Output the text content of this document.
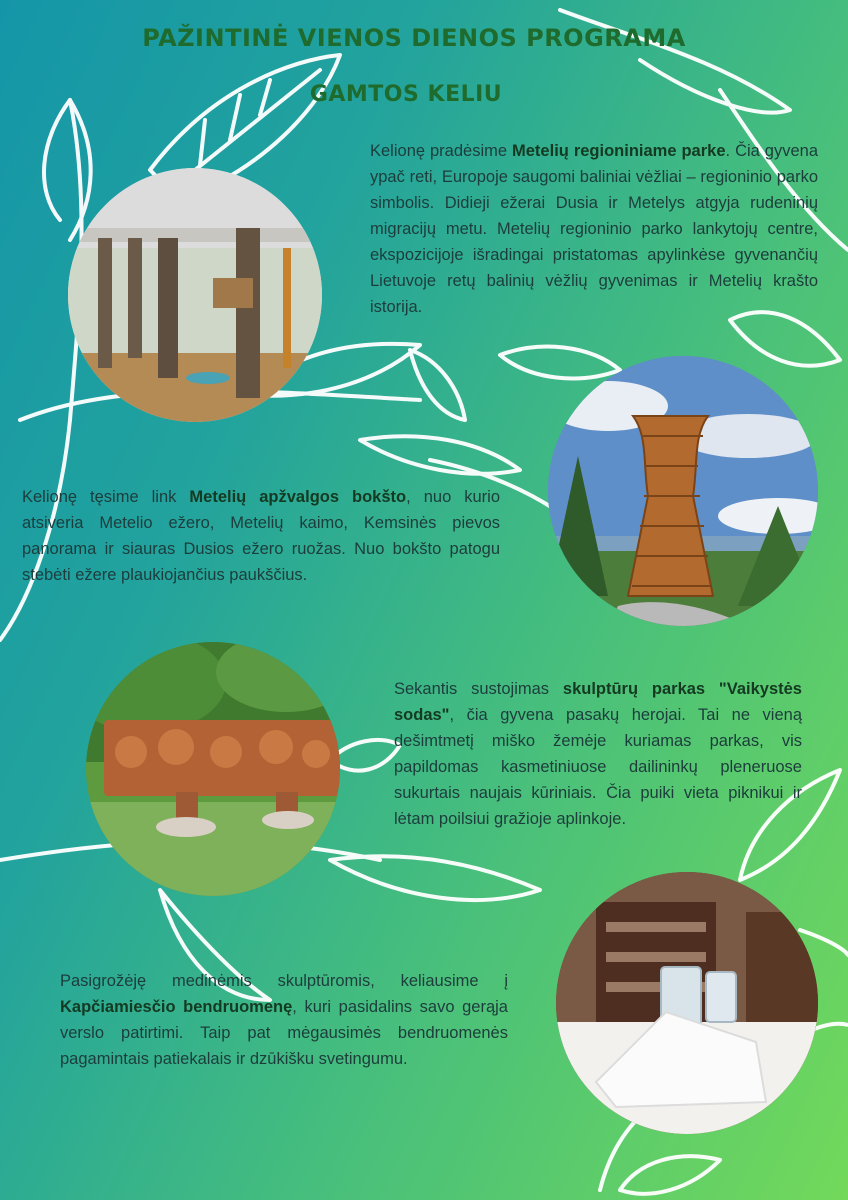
PAŽINTINĖ VIENOS DIENOS PROGRAMA
GAMTOS KELIU

Kelionę pradėsime Metelių regioniniame parke. Čia gyvena ypač reti, Europoje saugomi baliniai vėžliai – regioninio parko simbolis. Didieji ežerai Dusia ir Metelys atgyja rudeninių migracijų metu. Metelių regioninio parko lankytojų centre, ekspozicijoje išradingai pristatomas apylinkėse gyvenančių Lietuvoje retų balinių vėžlių gyvenimas ir Metelių krašto istorija.

Kelionę tęsime link Metelių apžvalgos bokšto, nuo kurio atsiveria Metelio ežero, Metelių kaimo, Kemsinės pievos panorama ir siauras Dusios ežero ruožas. Nuo bokšto patogu stebėti ežere plaukiojančius paukščius.

Sekantis sustojimas skulptūrų parkas "Vaikystės sodas", čia gyvena pasakų herojai. Tai ne vieną dešimtmetį miško žemėje kuriamas parkas, vis papildomas kasmetiniuose dailininkų pleneruose sukurtais naujais kūriniais. Čia puiki vieta piknikui ir lėtam poilsiui gražioje aplinkoje.

Pasigrožėję medinėmis skulptūromis, keliausime į Kapčiamiesčio bendruomenę, kuri pasidalins savo gerąja verslo patirtimi. Taip pat mėgausimės bendruomenės pagamintais patiekalais ir dzūkišku svetingumu.
